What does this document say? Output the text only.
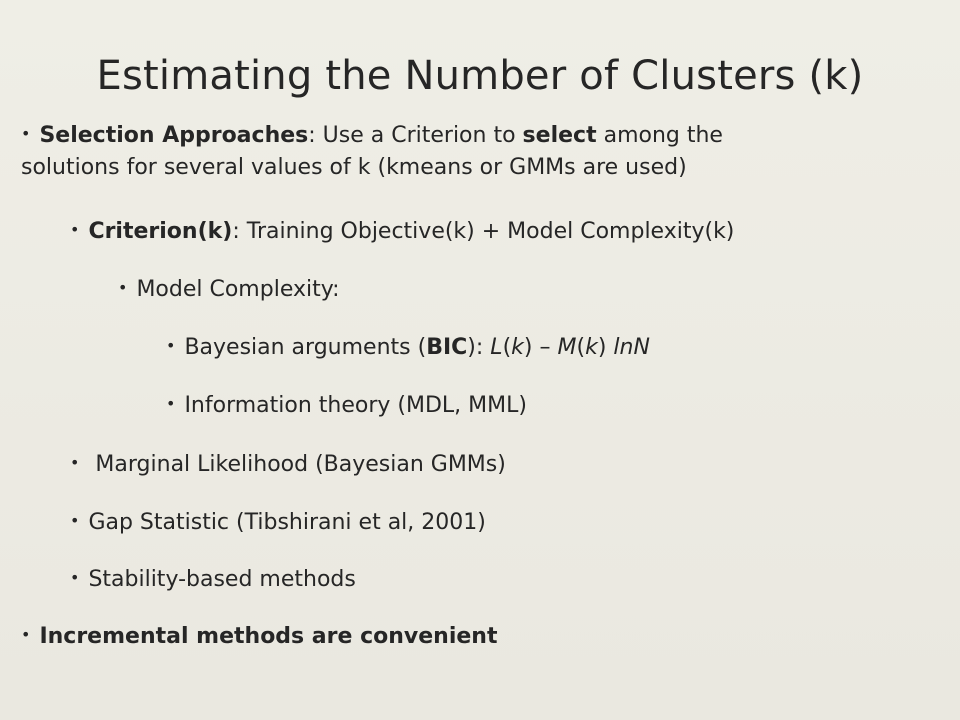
Estimating the Number of Clusters (k)
• Selection Approaches: Use a Criterion to select among the
solutions for several values of k (kmeans or GMMs are used)
• Criterion(k): Training Objective(k) + Model Complexity(k)
• Model Complexity:
• Bayesian arguments (BIC): L(k) – M(k) lnN
• Information theory (MDL, MML)
• Marginal Likelihood (Bayesian GMMs)
• Gap Statistic (Tibshirani et al, 2001)
• Stability-based methods
• Incremental methods are convenient
